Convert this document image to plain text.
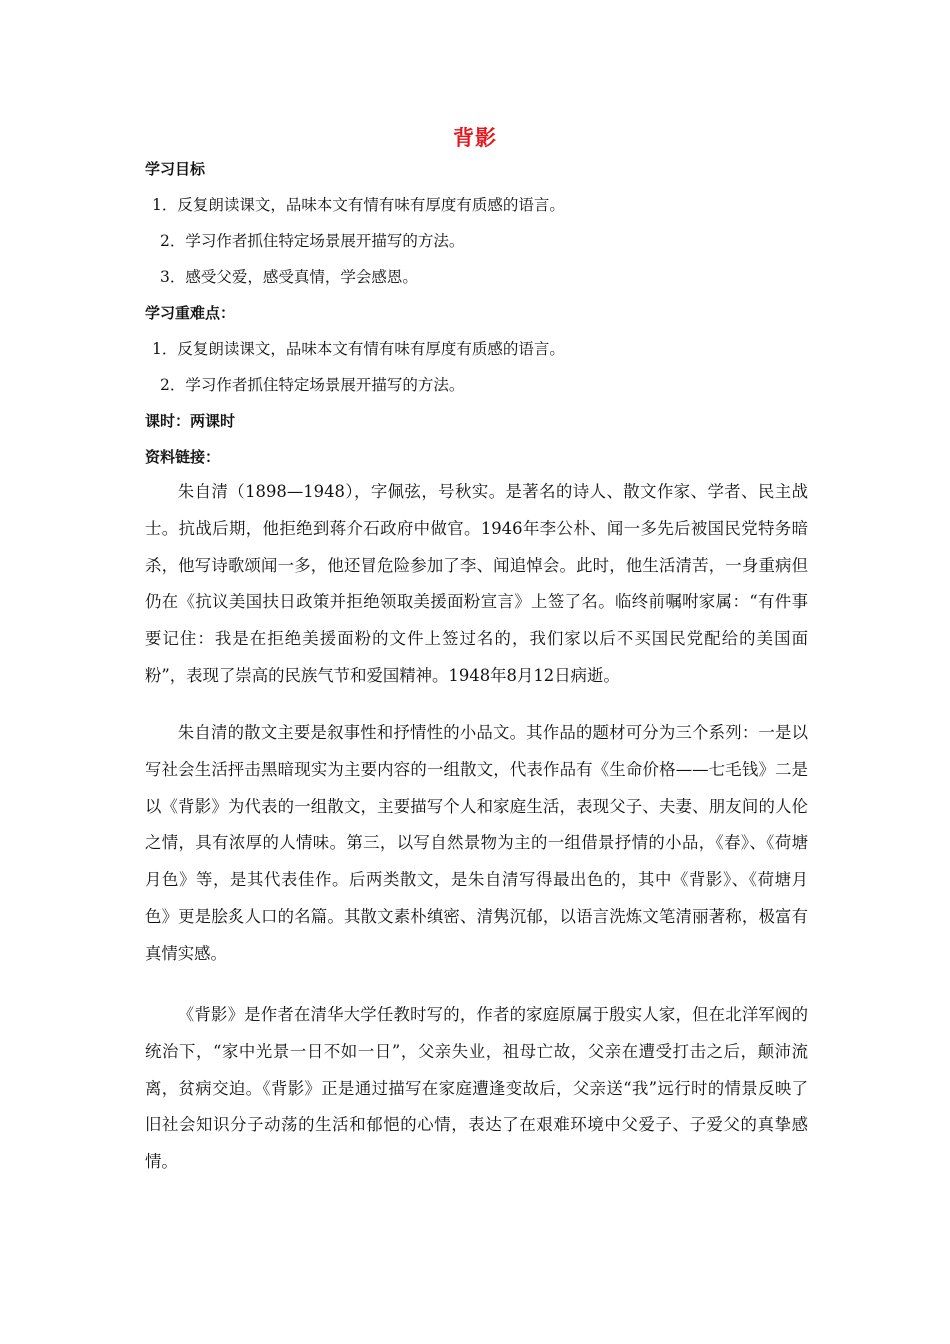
背影
学习目标
1．反复朗读课文，品味本文有情有味有厚度有质感的语言。
2．学习作者抓住特定场景展开描写的方法。
3．感受父爱，感受真情，学会感恩。
学习重难点：
1．反复朗读课文，品味本文有情有味有厚度有质感的语言。
2．学习作者抓住特定场景展开描写的方法。
课时：两课时
资料链接：

朱自清（1898—1948），字佩弦，号秋实。是著名的诗人、散文作家、学者、民主战士。抗战后期，他拒绝到蒋介石政府中做官。1946年李公朴、闻一多先后被国民党特务暗杀，他写诗歌颂闻一多，他还冒危险参加了李、闻追悼会。此时，他生活清苦，一身重病但仍在《抗议美国扶日政策并拒绝领取美援面粉宣言》上签了名。临终前嘱咐家属：“有件事要记住：我是在拒绝美援面粉的文件上签过名的，我们家以后不买国民党配给的美国面粉”，表现了崇高的民族气节和爱国精神。1948年8月12日病逝。

朱自清的散文主要是叙事性和抒情性的小品文。其作品的题材可分为三个系列：一是以写社会生活抨击黑暗现实为主要内容的一组散文，代表作品有《生命价格——七毛钱》二是以《背影》为代表的一组散文，主要描写个人和家庭生活，表现父子、夫妻、朋友间的人伦之情，具有浓厚的人情味。第三，以写自然景物为主的一组借景抒情的小品，《春》、《荷塘月色》等，是其代表佳作。后两类散文，是朱自清写得最出色的，其中《背影》、《荷塘月色》更是脍炙人口的名篇。其散文素朴缜密、清隽沉郁，以语言洗炼文笔清丽著称，极富有真情实感。

《背影》是作者在清华大学任教时写的，作者的家庭原属于殷实人家，但在北洋军阀的统治下，“家中光景一日不如一日”，父亲失业，祖母亡故，父亲在遭受打击之后，颠沛流离，贫病交迫。《背影》正是通过描写在家庭遭逢变故后，父亲送“我”远行时的情景反映了旧社会知识分子动荡的生活和郁悒的心情，表达了在艰难环境中父爱子、子爱父的真挚感情。
